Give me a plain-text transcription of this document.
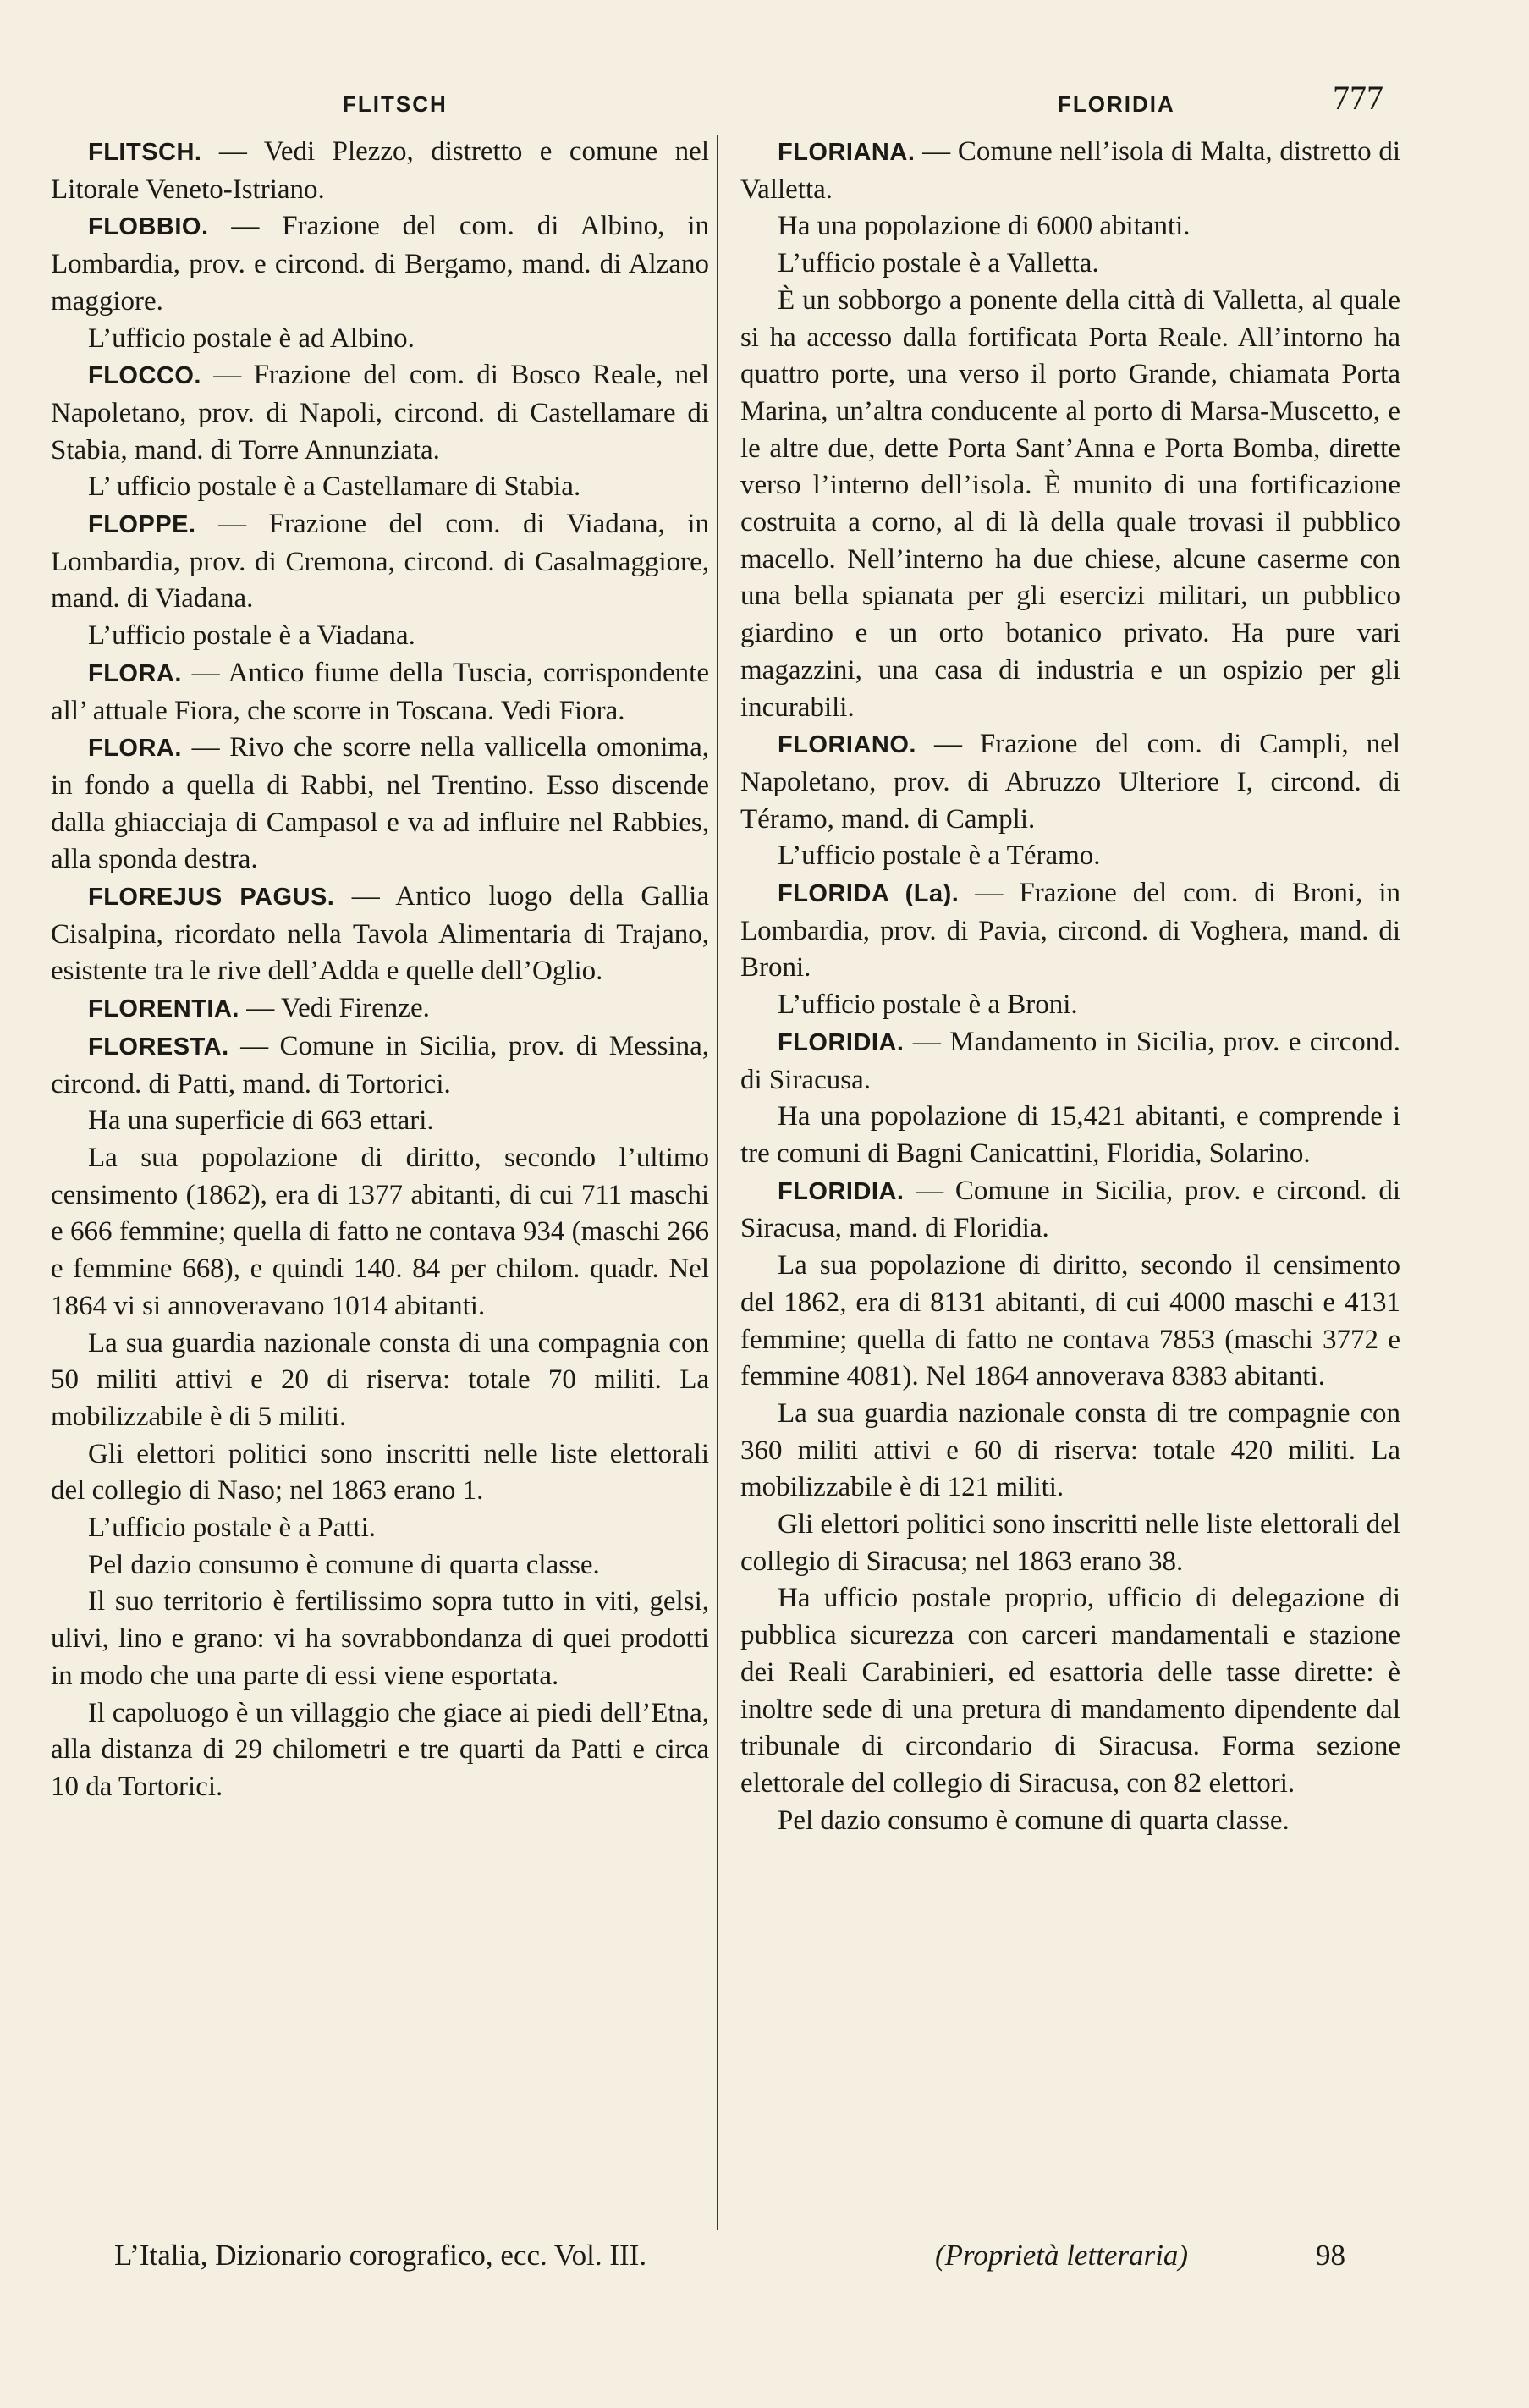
FLITSCH	FLORIDIA	777

FLITSCH. — Vedi Plezzo, distretto e comune nel Litorale Veneto-Istriano.

FLOBBIO. — Frazione del com. di Albino, in Lombardia, prov. e circond. di Bergamo, mand. di Alzano maggiore.

L’ufficio postale è ad Albino.

FLOCCO. — Frazione del com. di Bosco Reale, nel Napoletano, prov. di Napoli, circond. di Castellamare di Stabia, mand. di Torre Annunziata.

L’ ufficio postale è a Castellamare di Stabia.

FLOPPE. — Frazione del com. di Viadana, in Lombardia, prov. di Cremona, circond. di Casalmaggiore, mand. di Viadana.

L’ufficio postale è a Viadana.

FLORA. — Antico fiume della Tuscia, corrispondente all’ attuale Fiora, che scorre in Toscana. Vedi Fiora.

FLORA. — Rivo che scorre nella vallicella omonima, in fondo a quella di Rabbi, nel Trentino. Esso discende dalla ghiacciaja di Campasol e va ad influire nel Rabbies, alla sponda destra.

FLOREJUS PAGUS. — Antico luogo della Gallia Cisalpina, ricordato nella Tavola Alimentaria di Trajano, esistente tra le rive dell’Adda e quelle dell’Oglio.

FLORENTIA. — Vedi Firenze.

FLORESTA. — Comune in Sicilia, prov. di Messina, circond. di Patti, mand. di Tortorici.

Ha una superficie di 663 ettari.

La sua popolazione di diritto, secondo l’ultimo censimento (1862), era di 1377 abitanti, di cui 711 maschi e 666 femmine; quella di fatto ne contava 934 (maschi 266 e femmine 668), e quindi 140. 84 per chilom. quadr. Nel 1864 vi si annoveravano 1014 abitanti.

La sua guardia nazionale consta di una compagnia con 50 militi attivi e 20 di riserva: totale 70 militi. La mobilizzabile è di 5 militi.

Gli elettori politici sono inscritti nelle liste elettorali del collegio di Naso; nel 1863 erano 1.

L’ufficio postale è a Patti.

Pel dazio consumo è comune di quarta classe.

Il suo territorio è fertilissimo sopra tutto in viti, gelsi, ulivi, lino e grano: vi ha sovrabbondanza di quei prodotti in modo che una parte di essi viene esportata.

Il capoluogo è un villaggio che giace ai piedi dell’Etna, alla distanza di 29 chilometri e tre quarti da Patti e circa 10 da Tortorici.

FLORIANA. — Comune nell’isola di Malta, distretto di Valletta.

Ha una popolazione di 6000 abitanti.

L’ufficio postale è a Valletta.

È un sobborgo a ponente della città di Valletta, al quale si ha accesso dalla fortificata Porta Reale. All’intorno ha quattro porte, una verso il porto Grande, chiamata Porta Marina, un’altra conducente al porto di Marsa-Muscetto, e le altre due, dette Porta Sant’Anna e Porta Bomba, dirette verso l’interno dell’isola. È munito di una fortificazione costruita a corno, al di là della quale trovasi il pubblico macello. Nell’interno ha due chiese, alcune caserme con una bella spianata per gli esercizi militari, un pubblico giardino e un orto botanico privato. Ha pure vari magazzini, una casa di industria e un ospizio per gli incurabili.

FLORIANO. — Frazione del com. di Campli, nel Napoletano, prov. di Abruzzo Ulteriore I, circond. di Téramo, mand. di Campli.

L’ufficio postale è a Téramo.

FLORIDA (La). — Frazione del com. di Broni, in Lombardia, prov. di Pavia, circond. di Voghera, mand. di Broni.

L’ufficio postale è a Broni.

FLORIDIA. — Mandamento in Sicilia, prov. e circond. di Siracusa.

Ha una popolazione di 15,421 abitanti, e comprende i tre comuni di Bagni Canicattini, Floridia, Solarino.

FLORIDIA. — Comune in Sicilia, prov. e circond. di Siracusa, mand. di Floridia.

La sua popolazione di diritto, secondo il censimento del 1862, era di 8131 abitanti, di cui 4000 maschi e 4131 femmine; quella di fatto ne contava 7853 (maschi 3772 e femmine 4081). Nel 1864 annoverava 8383 abitanti.

La sua guardia nazionale consta di tre compagnie con 360 militi attivi e 60 di riserva: totale 420 militi. La mobilizzabile è di 121 militi.

Gli elettori politici sono inscritti nelle liste elettorali del collegio di Siracusa; nel 1863 erano 38.

Ha ufficio postale proprio, ufficio di delegazione di pubblica sicurezza con carceri mandamentali e stazione dei Reali Carabinieri, ed esattoria delle tasse dirette: è inoltre sede di una pretura di mandamento dipendente dal tribunale di circondario di Siracusa. Forma sezione elettorale del collegio di Siracusa, con 82 elettori.

Pel dazio consumo è comune di quarta classe.

L’Italia, Dizionario corografico, ecc. Vol. III.	(Proprietà letteraria)	98
